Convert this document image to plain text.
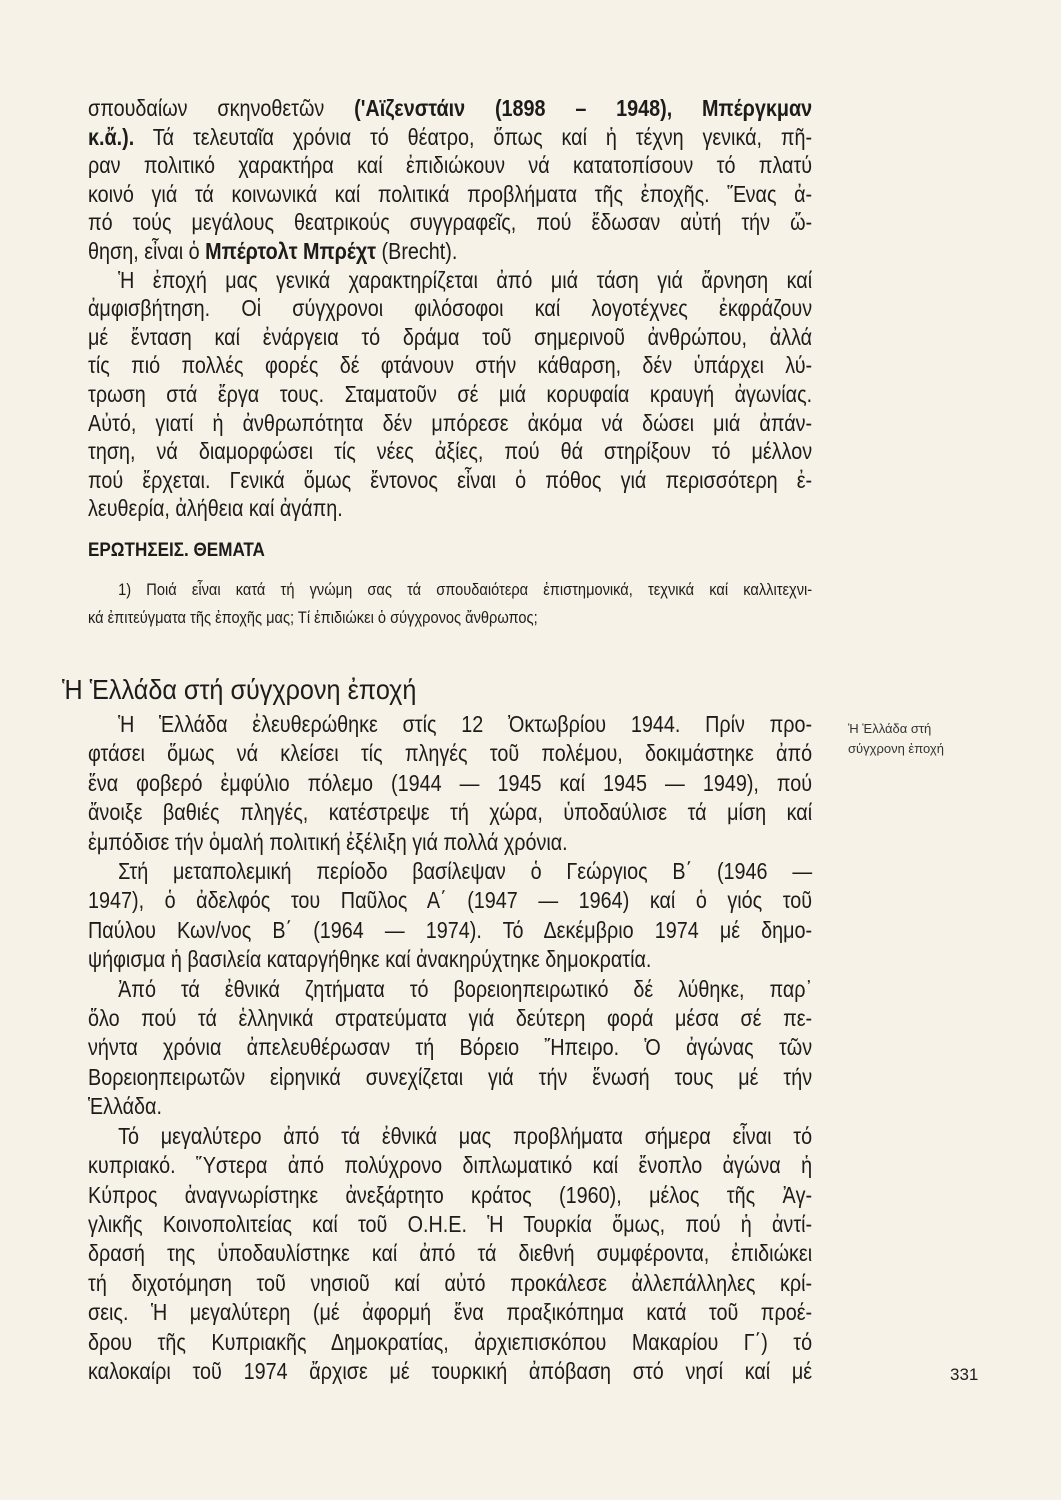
σπουδαίων σκηνοθετῶν ('Αϊζενστάιν (1898 – 1948), Μπέργκμαν
κ.ἄ.). Τά τελευταῖα χρόνια τό θέατρο, ὅπως καί ἡ τέχνη γενικά, πῆ-
ραν πολιτικό χαρακτήρα καί ἐπιδιώκουν νά κατατοπίσουν τό πλατύ
κοινό γιά τά κοινωνικά καί πολιτικά προβλήματα τῆς ἐποχῆς. Ἕνας ἀ-
πό τούς μεγάλους θεατρικούς συγγραφεῖς, πού ἔδωσαν αὐτή τήν ὤ-
θηση, εἶναι ὁ Μπέρτολτ Μπρέχτ (Brecht).
Ἡ ἐποχή μας γενικά χαρακτηρίζεται ἀπό μιά τάση γιά ἄρνηση καί
ἀμφισβήτηση. Οἱ σύγχρονοι φιλόσοφοι καί λογοτέχνες ἐκφράζουν
μέ ἔνταση καί ἐνάργεια τό δράμα τοῦ σημερινοῦ ἀνθρώπου, ἀλλά
τίς πιό πολλές φορές δέ φτάνουν στήν κάθαρση, δέν ὑπάρχει λύ-
τρωση στά ἔργα τους. Σταματοῦν σέ μιά κορυφαία κραυγή ἀγωνίας.
Αὐτό, γιατί ἡ ἀνθρωπότητα δέν μπόρεσε ἀκόμα νά δώσει μιά ἀπάν-
τηση, νά διαμορφώσει τίς νέες ἀξίες, πού θά στηρίξουν τό μέλλον
πού ἔρχεται. Γενικά ὅμως ἔντονος εἶναι ὁ πόθος γιά περισσότερη ἐ-
λευθερία, ἀλήθεια καί ἀγάπη.
ΕΡΩΤΗΣΕΙΣ. ΘΕΜΑΤΑ
1) Ποιά εἶναι κατά τή γνώμη σας τά σπουδαιότερα ἐπιστημονικά, τεχνικά καί καλλιτεχνι-
κά ἐπιτεύγματα τῆς ἐποχῆς μας; Τί ἐπιδιώκει ὁ σύγχρονος ἄνθρωπος;
Ἡ Ἑλλάδα στή σύγχρονη ἐποχή
Ἡ Ἑλλάδα στή
σύγχρονη ἐποχή
Ἡ Ἑλλάδα ἐλευθερώθηκε στίς 12 Ὀκτωβρίου 1944. Πρίν προ-
φτάσει ὅμως νά κλείσει τίς πληγές τοῦ πολέμου, δοκιμάστηκε ἀπό
ἕνα φοβερό ἐμφύλιο πόλεμο (1944 — 1945 καί 1945 — 1949), πού
ἄνοιξε βαθιές πληγές, κατέστρεψε τή χώρα, ὑποδαύλισε τά μίση καί
ἐμπόδισε τήν ὁμαλή πολιτική ἐξέλιξη γιά πολλά χρόνια.
Στή μεταπολεμική περίοδο βασίλεψαν ὁ Γεώργιος Β΄ (1946 —
1947), ὁ ἀδελφός του Παῦλος Α΄ (1947 — 1964) καί ὁ γιός τοῦ
Παύλου Κων/νος Β΄ (1964 — 1974). Τό Δεκέμβριο 1974 μέ δημο-
ψήφισμα ἡ βασιλεία καταργήθηκε καί ἀνακηρύχτηκε δημοκρατία.
Ἀπό τά ἐθνικά ζητήματα τό βορειοηπειρωτικό δέ λύθηκε, παρ᾽
ὅλο πού τά ἑλληνικά στρατεύματα γιά δεύτερη φορά μέσα σέ πε-
νήντα χρόνια ἀπελευθέρωσαν τή Βόρειο Ἤπειρο. Ὁ ἀγώνας τῶν
Βορειοηπειρωτῶν εἰρηνικά συνεχίζεται γιά τήν ἕνωσή τους μέ τήν
Ἑλλάδα.
Τό μεγαλύτερο ἀπό τά ἐθνικά μας προβλήματα σήμερα εἶναι τό
κυπριακό. Ὕστερα ἀπό πολύχρονο διπλωματικό καί ἔνοπλο ἀγώνα ἡ
Κύπρος ἀναγνωρίστηκε ἀνεξάρτητο κράτος (1960), μέλος τῆς Ἀγ-
γλικῆς Κοινοπολιτείας καί τοῦ Ο.Η.Ε. Ἡ Τουρκία ὅμως, πού ἡ ἀντί-
δρασή της ὑποδαυλίστηκε καί ἀπό τά διεθνή συμφέροντα, ἐπιδιώκει
τή διχοτόμηση τοῦ νησιοῦ καί αὐτό προκάλεσε ἀλλεπάλληλες κρί-
σεις. Ἡ μεγαλύτερη (μέ ἀφορμή ἕνα πραξικόπημα κατά τοῦ προέ-
δρου τῆς Κυπριακῆς Δημοκρατίας, ἀρχιεπισκόπου Μακαρίου Γ΄) τό
καλοκαίρι τοῦ 1974 ἄρχισε μέ τουρκική ἀπόβαση στό νησί καί μέ	331
